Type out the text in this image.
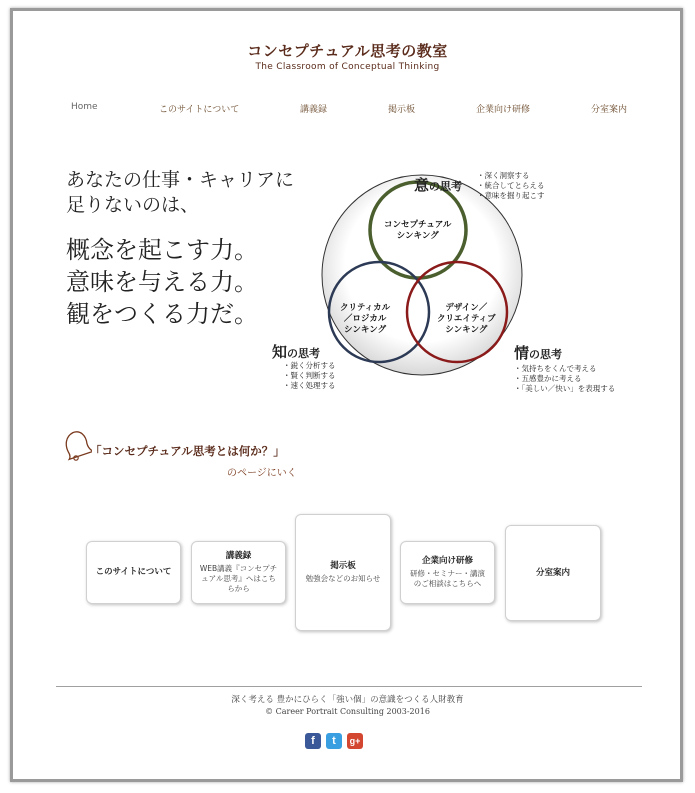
コンセプチュアル思考の教室
The Classroom of Conceptual Thinking
Home	このサイトについて	講義録	掲示板	企業向け研修	分室案内
あなたの仕事・キャリアに
足りないのは、
概念を起こす力。
意味を与える力。
観をつくる力だ。
コンセプチュアル
シンキング
クリティカル
／ロジカル
シンキング
デザイン／
クリエイティブ
シンキング
意の思考
・深く洞察する
・統合してとらえる
・意味を掘り起こす
知の思考
・鋭く分析する
・賢く判断する
・速く処理する
情の思考
・気持ちをくんで考える
・五感豊かに考える
・「美しい／快い」を表現する
「コンセプチュアル思考とは何か？」
のページにいく
このサイトについて
講義録
WEB講義『コンセプチュアル思考』へはこちらから
掲示板
勉強会などのお知らせ
企業向け研修
研修・セミナー・講演のご相談はこちらへ
分室案内
深く考える 豊かにひらく「強い個」の意識をつくる人財教育
© Career Portrait Consulting 2003-2016
f	t	g+
